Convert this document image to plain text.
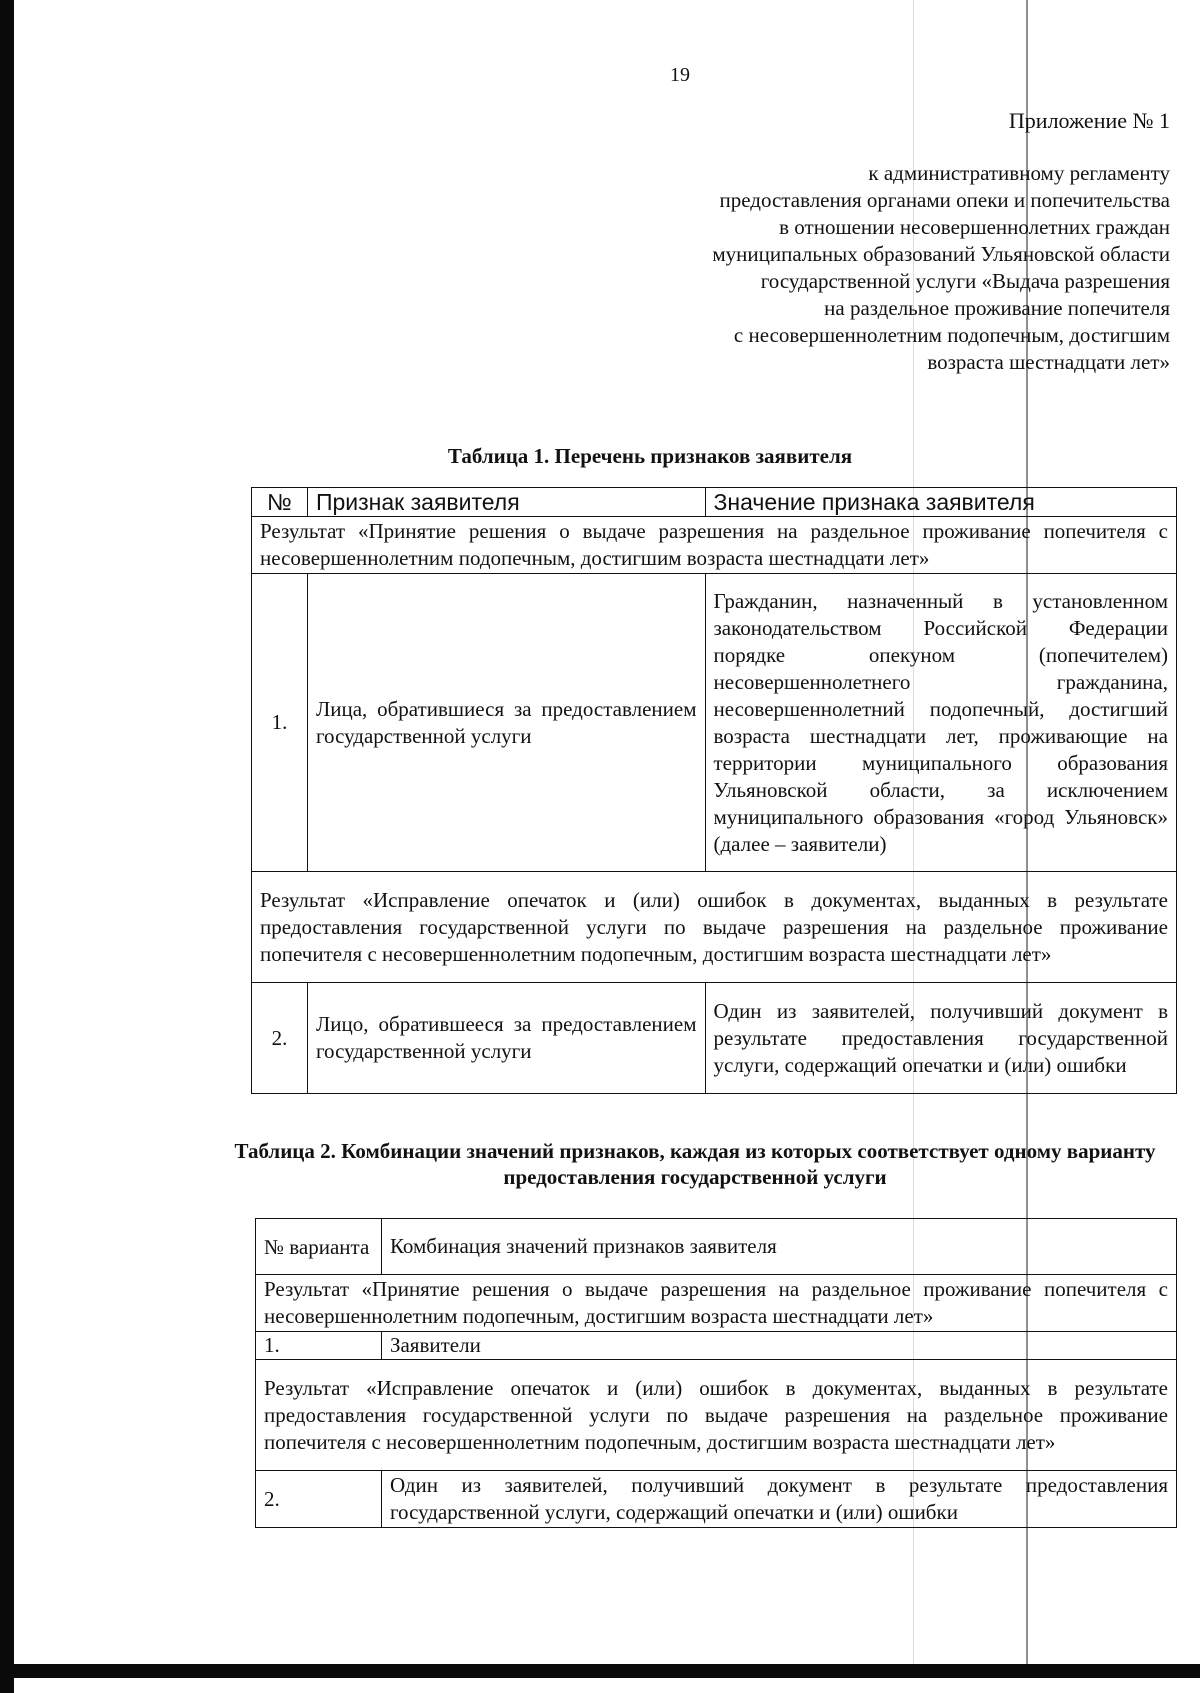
19
Приложение № 1
к административному регламенту
предоставления органами опеки и попечительства
в отношении несовершеннолетних граждан
муниципальных образований Ульяновской области
государственной услуги «Выдача разрешения
на раздельное проживание попечителя
с несовершеннолетним подопечным, достигшим
возраста шестнадцати лет»
Таблица 1. Перечень признаков заявителя
№	Признак заявителя	Значение признака заявителя
Результат «Принятие решения о выдаче разрешения на раздельное проживание попечителя с несовершеннолетним подопечным, достигшим возраста шестнадцати лет»		
1.	Лица, обратившиеся за предоставлением государственной услуги	Гражданин, назначенный в установленном законодательством Российской Федерации порядке опекуном (попечителем) несовершеннолетнего гражданина, несовершеннолетний подопечный, достигший возраста шестнадцати лет, проживающие на территории муниципального образования Ульяновской области, за исключением муниципального образования «город Ульяновск» (далее – заявители)
Результат «Исправление опечаток и (или) ошибок в документах, выданных в результате предоставления государственной услуги по выдаче разрешения на раздельное проживание попечителя с несовершеннолетним подопечным, достигшим возраста шестнадцати лет»		
2.	Лицо, обратившееся за предоставлением государственной услуги	Один из заявителей, получивший документ в результате предоставления государственной услуги, содержащий опечатки и (или) ошибки
Таблица 2. Комбинации значений признаков, каждая из которых соответствует одному варианту предоставления государственной услуги
№ варианта	Комбинация значений признаков заявителя
Результат «Принятие решения о выдаче разрешения на раздельное проживание попечителя с несовершеннолетним подопечным, достигшим возраста шестнадцати лет»	
1.	Заявители
Результат «Исправление опечаток и (или) ошибок в документах, выданных в результате предоставления государственной услуги по выдаче разрешения на раздельное проживание попечителя с несовершеннолетним подопечным, достигшим возраста шестнадцати лет»	
2.	Один из заявителей, получивший документ в результате предоставления государственной услуги, содержащий опечатки и (или) ошибки
